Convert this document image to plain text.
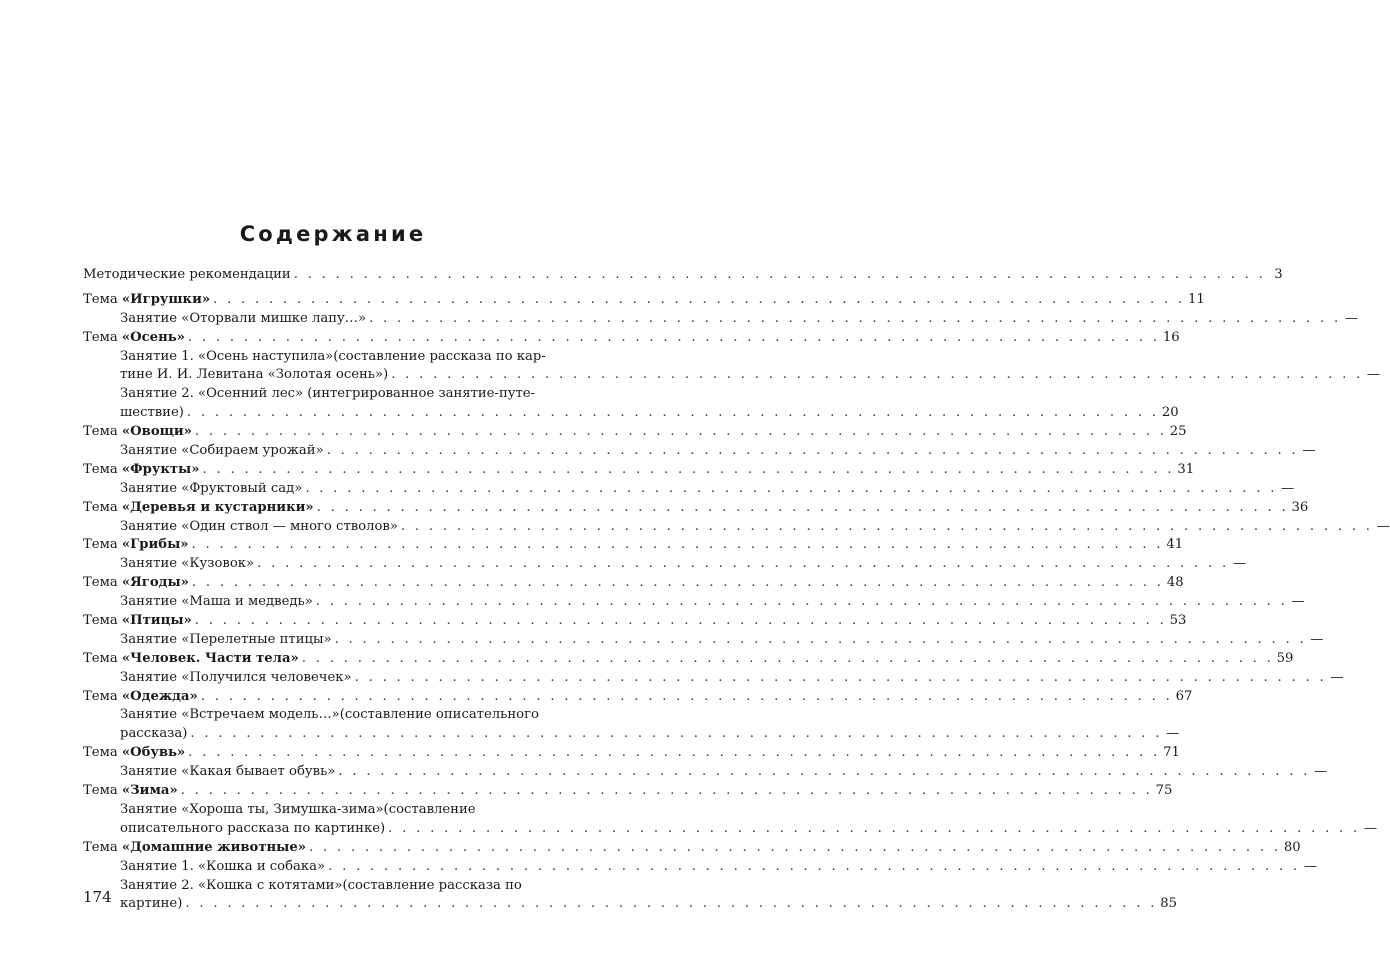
Содержание
Методические рекомендации . . . . . . . . . . . . . . . . . . . . . . . . . . . . . . . . . . . . . . . . . . . . . . . . . . . . . . . . . . . . . . . . . . . . . . 3
Тема «Игрушки» . . . . . . . . . . . . . . . . . . . . . . . . . . . . . . . . . . . . . . . . . . . . . . . . . . . . . . . . . . . . . . . . . . . . . . 11
Занятие «Оторвали мишке лапу…» . . . . . . . . . . . . . . . . . . . . . . . . . . . . . . . . . . . . . . . . . . . . . . . . . . . . . . . . . . . . . . . . . . . . . . —
Тема «Осень» . . . . . . . . . . . . . . . . . . . . . . . . . . . . . . . . . . . . . . . . . . . . . . . . . . . . . . . . . . . . . . . . . . . . . . 16
Занятие 1. «Осень наступила»(составление рассказа по кар-
тине И. И. Левитана «Золотая осень») . . . . . . . . . . . . . . . . . . . . . . . . . . . . . . . . . . . . . . . . . . . . . . . . . . . . . . . . . . . . . . . . . . . . . . —
Занятие 2. «Осенний лес» (интегрированное занятие-путе-
шествие) . . . . . . . . . . . . . . . . . . . . . . . . . . . . . . . . . . . . . . . . . . . . . . . . . . . . . . . . . . . . . . . . . . . . . . 20
Тема «Овощи» . . . . . . . . . . . . . . . . . . . . . . . . . . . . . . . . . . . . . . . . . . . . . . . . . . . . . . . . . . . . . . . . . . . . . . 25
Занятие «Собираем урожай» . . . . . . . . . . . . . . . . . . . . . . . . . . . . . . . . . . . . . . . . . . . . . . . . . . . . . . . . . . . . . . . . . . . . . . —
Тема «Фрукты» . . . . . . . . . . . . . . . . . . . . . . . . . . . . . . . . . . . . . . . . . . . . . . . . . . . . . . . . . . . . . . . . . . . . . . 31
Занятие «Фруктовый сад» . . . . . . . . . . . . . . . . . . . . . . . . . . . . . . . . . . . . . . . . . . . . . . . . . . . . . . . . . . . . . . . . . . . . . . —
Тема «Деревья и кустарники» . . . . . . . . . . . . . . . . . . . . . . . . . . . . . . . . . . . . . . . . . . . . . . . . . . . . . . . . . . . . . . . . . . . . . . 36
Занятие «Один ствол — много стволов» . . . . . . . . . . . . . . . . . . . . . . . . . . . . . . . . . . . . . . . . . . . . . . . . . . . . . . . . . . . . . . . . . . . . . . —
Тема «Грибы» . . . . . . . . . . . . . . . . . . . . . . . . . . . . . . . . . . . . . . . . . . . . . . . . . . . . . . . . . . . . . . . . . . . . . . 41
Занятие «Кузовок» . . . . . . . . . . . . . . . . . . . . . . . . . . . . . . . . . . . . . . . . . . . . . . . . . . . . . . . . . . . . . . . . . . . . . . —
Тема «Ягоды» . . . . . . . . . . . . . . . . . . . . . . . . . . . . . . . . . . . . . . . . . . . . . . . . . . . . . . . . . . . . . . . . . . . . . . 48
Занятие «Маша и медведь» . . . . . . . . . . . . . . . . . . . . . . . . . . . . . . . . . . . . . . . . . . . . . . . . . . . . . . . . . . . . . . . . . . . . . . —
Тема «Птицы» . . . . . . . . . . . . . . . . . . . . . . . . . . . . . . . . . . . . . . . . . . . . . . . . . . . . . . . . . . . . . . . . . . . . . . 53
Занятие «Перелетные птицы» . . . . . . . . . . . . . . . . . . . . . . . . . . . . . . . . . . . . . . . . . . . . . . . . . . . . . . . . . . . . . . . . . . . . . . —
Тема «Человек. Части тела» . . . . . . . . . . . . . . . . . . . . . . . . . . . . . . . . . . . . . . . . . . . . . . . . . . . . . . . . . . . . . . . . . . . . . . 59
Занятие «Получился человечек» . . . . . . . . . . . . . . . . . . . . . . . . . . . . . . . . . . . . . . . . . . . . . . . . . . . . . . . . . . . . . . . . . . . . . . —
Тема «Одежда» . . . . . . . . . . . . . . . . . . . . . . . . . . . . . . . . . . . . . . . . . . . . . . . . . . . . . . . . . . . . . . . . . . . . . . 67
Занятие «Встречаем модель…»(составление описательного
рассказа) . . . . . . . . . . . . . . . . . . . . . . . . . . . . . . . . . . . . . . . . . . . . . . . . . . . . . . . . . . . . . . . . . . . . . . —
Тема «Обувь» . . . . . . . . . . . . . . . . . . . . . . . . . . . . . . . . . . . . . . . . . . . . . . . . . . . . . . . . . . . . . . . . . . . . . . 71
Занятие «Какая бывает обувь» . . . . . . . . . . . . . . . . . . . . . . . . . . . . . . . . . . . . . . . . . . . . . . . . . . . . . . . . . . . . . . . . . . . . . . —
Тема «Зима» . . . . . . . . . . . . . . . . . . . . . . . . . . . . . . . . . . . . . . . . . . . . . . . . . . . . . . . . . . . . . . . . . . . . . . 75
Занятие «Хороша ты, Зимушка-зима»(составление
описательного рассказа по картинке) . . . . . . . . . . . . . . . . . . . . . . . . . . . . . . . . . . . . . . . . . . . . . . . . . . . . . . . . . . . . . . . . . . . . . . —
Тема «Домашние животные» . . . . . . . . . . . . . . . . . . . . . . . . . . . . . . . . . . . . . . . . . . . . . . . . . . . . . . . . . . . . . . . . . . . . . . 80
Занятие 1. «Кошка и собака» . . . . . . . . . . . . . . . . . . . . . . . . . . . . . . . . . . . . . . . . . . . . . . . . . . . . . . . . . . . . . . . . . . . . . . —
Занятие 2. «Кошка с котятами»(составление рассказа по
картине) . . . . . . . . . . . . . . . . . . . . . . . . . . . . . . . . . . . . . . . . . . . . . . . . . . . . . . . . . . . . . . . . . . . . . . 85
174
